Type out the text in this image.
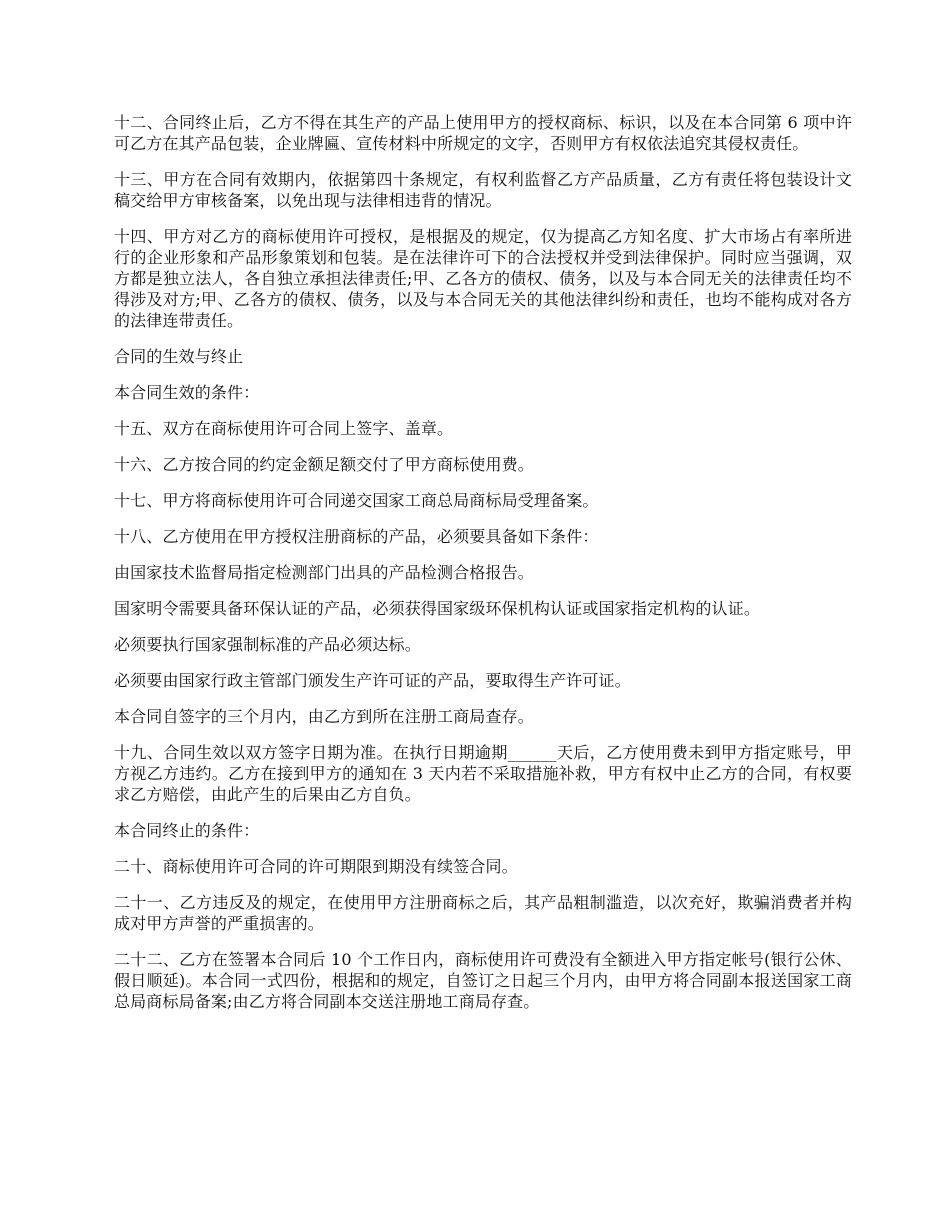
十二、合同终止后，乙方不得在其生产的产品上使用甲方的授权商标、标识，以及在本合同第 6 项中许可乙方在其产品包装，企业牌匾、宣传材料中所规定的文字，否则甲方有权依法追究其侵权责任。

十三、甲方在合同有效期内，依据第四十条规定，有权利监督乙方产品质量，乙方有责任将包装设计文稿交给甲方审核备案，以免出现与法律相违背的情况。

十四、甲方对乙方的商标使用许可授权，是根据及的规定，仅为提高乙方知名度、扩大市场占有率所进行的企业形象和产品形象策划和包装。是在法律许可下的合法授权并受到法律保护。同时应当强调，双方都是独立法人，各自独立承担法律责任;甲、乙各方的债权、债务，以及与本合同无关的法律责任均不得涉及对方;甲、乙各方的债权、债务，以及与本合同无关的其他法律纠纷和责任，也均不能构成对各方的法律连带责任。

合同的生效与终止

本合同生效的条件：

十五、双方在商标使用许可合同上签字、盖章。

十六、乙方按合同的约定金额足额交付了甲方商标使用费。

十七、甲方将商标使用许可合同递交国家工商总局商标局受理备案。

十八、乙方使用在甲方授权注册商标的产品，必须要具备如下条件：

由国家技术监督局指定检测部门出具的产品检测合格报告。

国家明令需要具备环保认证的产品，必须获得国家级环保机构认证或国家指定机构的认证。

必须要执行国家强制标准的产品必须达标。

必须要由国家行政主管部门颁发生产许可证的产品，要取得生产许可证。

本合同自签字的三个月内，由乙方到所在注册工商局查存。

十九、合同生效以双方签字日期为准。在执行日期逾期______天后，乙方使用费未到甲方指定账号，甲方视乙方违约。乙方在接到甲方的通知在 3 天内若不采取措施补救，甲方有权中止乙方的合同，有权要求乙方赔偿，由此产生的后果由乙方自负。

本合同终止的条件：

二十、商标使用许可合同的许可期限到期没有续签合同。

二十一、乙方违反及的规定，在使用甲方注册商标之后，其产品粗制滥造，以次充好，欺骗消费者并构成对甲方声誉的严重损害的。

二十二、乙方在签署本合同后 10 个工作日内，商标使用许可费没有全额进入甲方指定帐号(银行公休、假日顺延)。本合同一式四份，根据和的规定，自签订之日起三个月内，由甲方将合同副本报送国家工商总局商标局备案;由乙方将合同副本交送注册地工商局存查。
